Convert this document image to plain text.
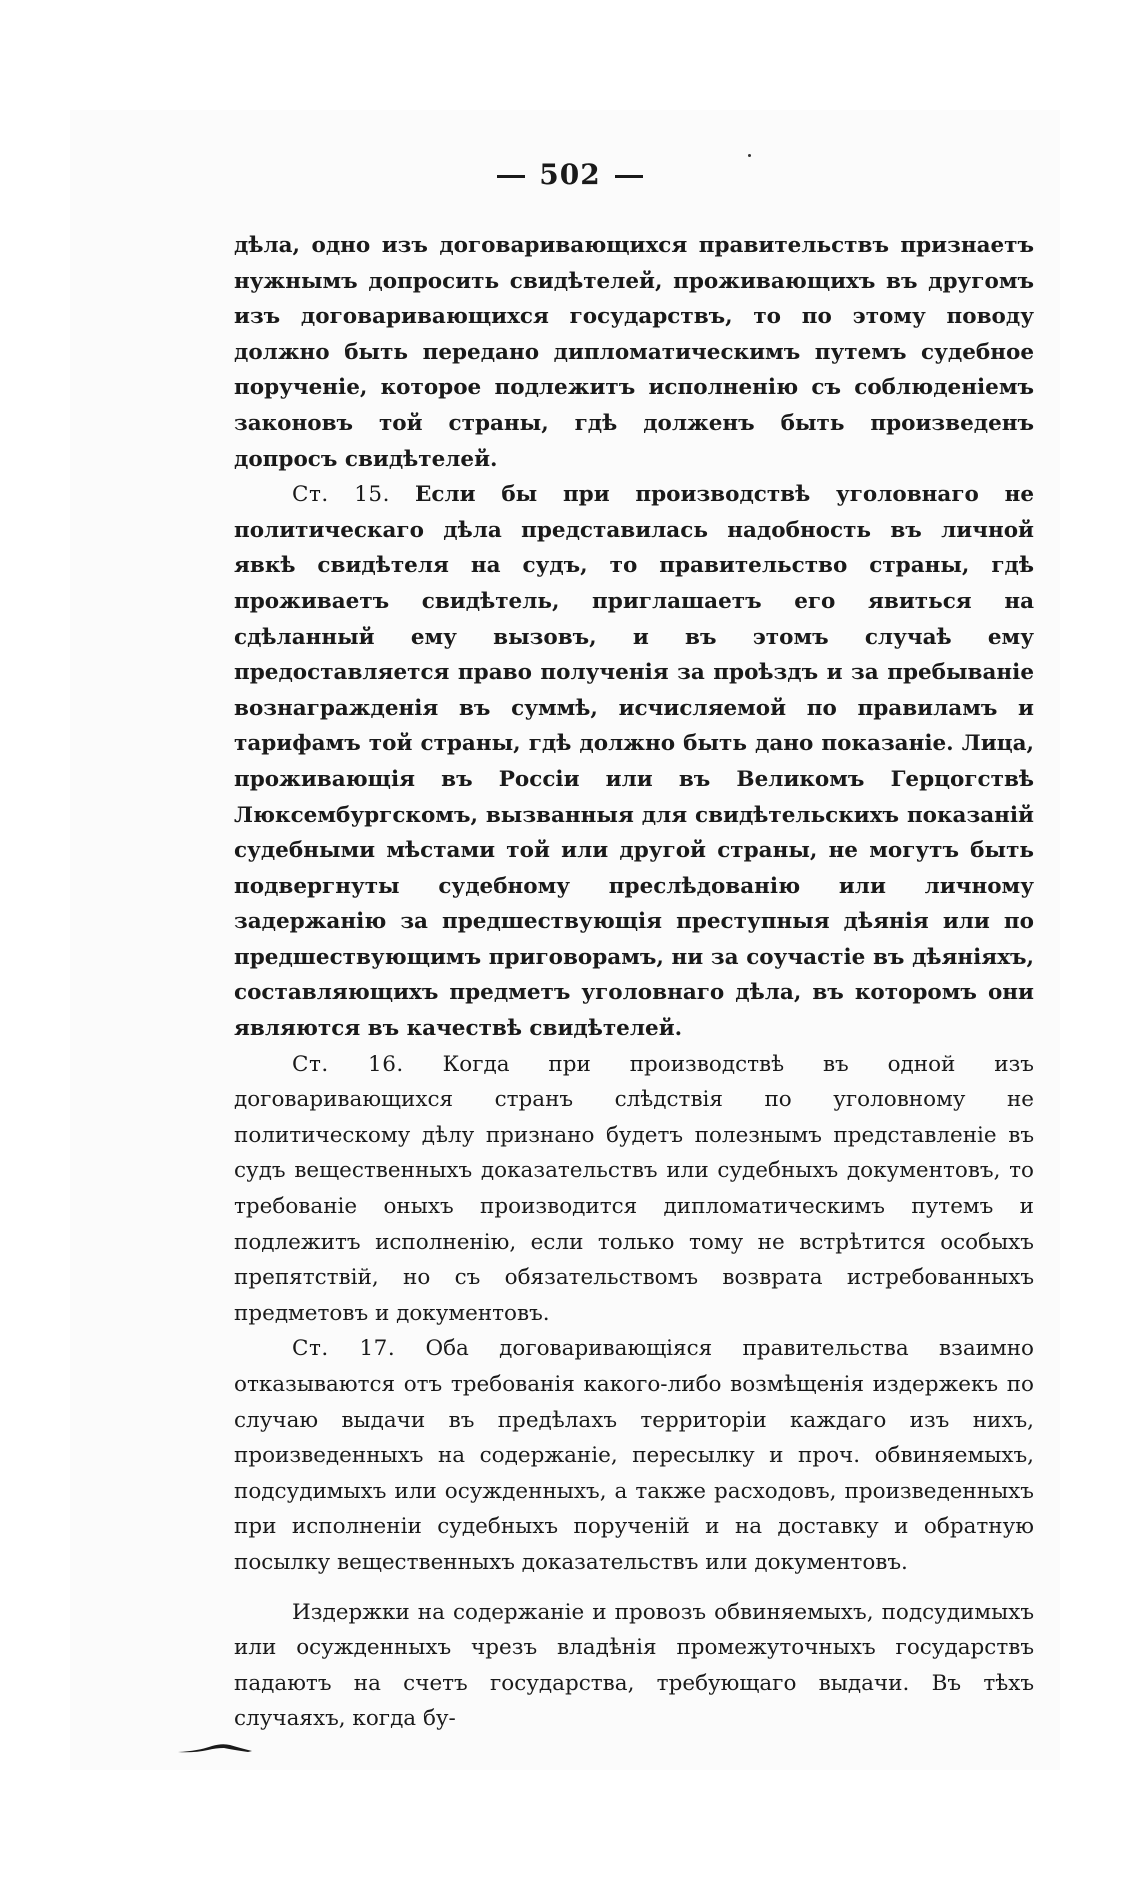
502

дѣла, одно изъ договаривающихся правительствъ признаетъ нужнымъ допросить свидѣтелей, проживающихъ въ другомъ изъ договаривающихся государствъ, то по этому поводу должно быть передано дипломатическимъ путемъ судебное порученіе, которое подлежитъ исполненію съ соблюденіемъ законовъ той страны, гдѣ долженъ быть произведенъ допросъ свидѣтелей.

Ст. 15. Если бы при производствѣ уголовнаго не политическаго дѣла представилась надобность въ личной явкѣ свидѣтеля на судъ, то правительство страны, гдѣ проживаетъ свидѣтель, приглашаетъ его явиться на сдѣланный ему вызовъ, и въ этомъ случаѣ ему предоставляется право полученія за проѣздъ и за пребываніе вознагражденія въ суммѣ, исчисляемой по правиламъ и тарифамъ той страны, гдѣ должно быть дано показаніе. Лица, проживающія въ Россіи или въ Великомъ Герцогствѣ Люксембургскомъ, вызванныя для свидѣтельскихъ показаній судебными мѣстами той или другой страны, не могутъ быть подвергнуты судебному преслѣдованію или личному задержанію за предшествующія преступныя дѣянія или по предшествующимъ приговорамъ, ни за соучастіе въ дѣяніяхъ, составляющихъ предметъ уголовнаго дѣла, въ которомъ они являются въ качествѣ свидѣтелей.

Ст. 16. Когда при производствѣ въ одной изъ договаривающихся странъ слѣдствія по уголовному не политическому дѣлу признано будетъ полезнымъ представленіе въ судъ вещественныхъ доказательствъ или судебныхъ документовъ, то требованіе оныхъ производится дипломатическимъ путемъ и подлежитъ исполненію, если только тому не встрѣтится особыхъ препятствій, но съ обязательствомъ возврата истребованныхъ предметовъ и документовъ.

Ст. 17. Оба договаривающіяся правительства взаимно отказываются отъ требованія какого-либо возмѣщенія издержекъ по случаю выдачи въ предѣлахъ территоріи каждаго изъ нихъ, произведенныхъ на содержаніе, пересылку и проч. обвиняемыхъ, подсудимыхъ или осужденныхъ, а также расходовъ, произведенныхъ при исполненіи судебныхъ порученій и на доставку и обратную посылку вещественныхъ доказательствъ или документовъ.

Издержки на содержаніе и провозъ обвиняемыхъ, подсудимыхъ или осужденныхъ чрезъ владѣнія промежуточныхъ государствъ падаютъ на счетъ государства, требующаго выдачи. Въ тѣхъ случаяхъ, когда бу-
